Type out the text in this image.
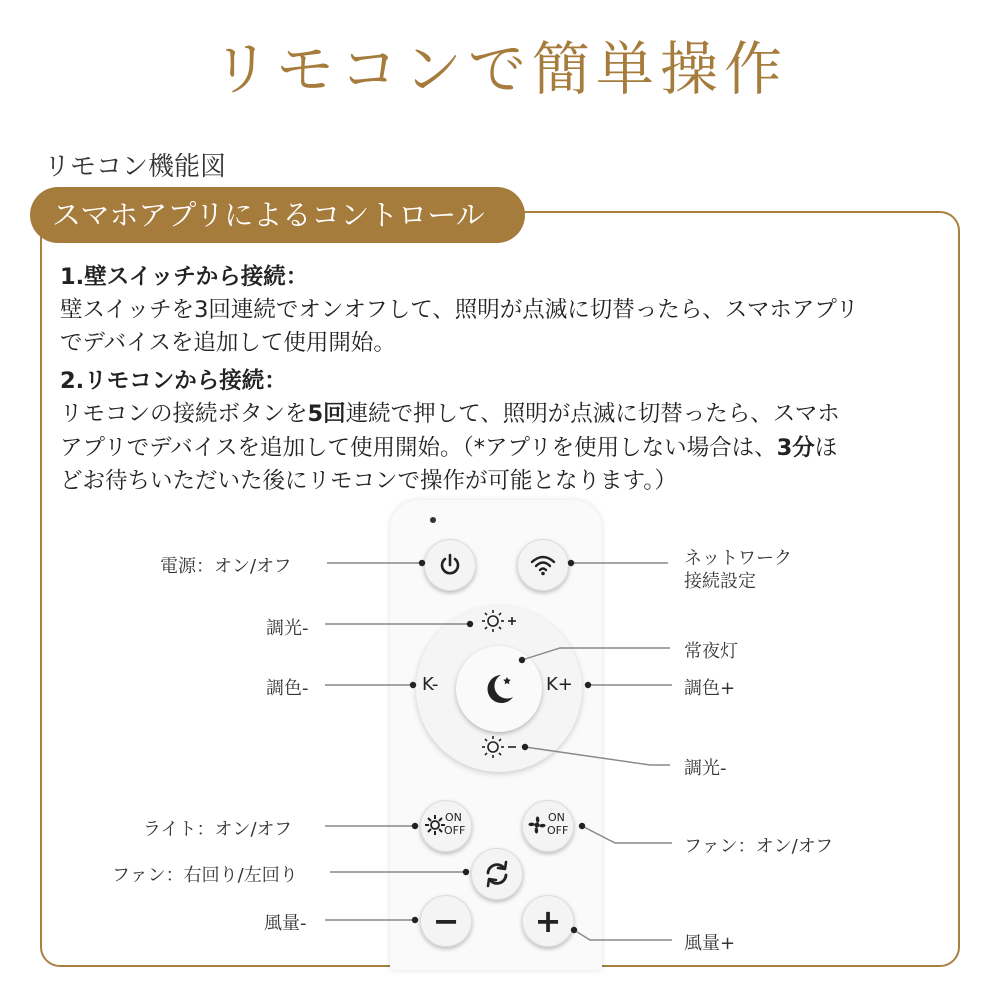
リモコンで簡単操作
リモコン機能図
スマホアプリによるコントロール
1.壁スイッチから接続：
壁スイッチを3回連続でオンオフして、照明が点滅に切替ったら、スマホアプリ
でデバイスを追加して使用開始。
2.リモコンから接続：
リモコンの接続ボタンを5回連続で押して、照明が点滅に切替ったら、スマホ
アプリでデバイスを追加して使用開始。（*アプリを使用しない場合は、3分ほ
どお待ちいただいた後にリモコンで操作が可能となります。）
K-	K+
ON
OFF
ON
OFF
−	+
電源：オン/オフ	ネットワーク
接続設定
調光-
常夜灯
調色-	調色+
調光-
ライト：オン/オフ
ファン：オン/オフ
ファン：右回り/左回り
風量-
風量+
